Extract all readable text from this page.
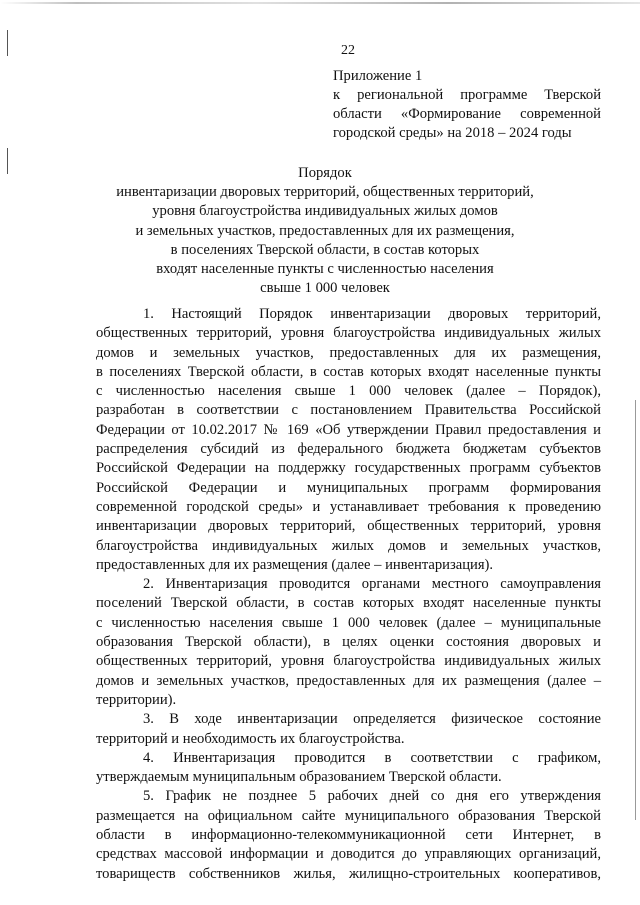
22
Приложение 1
к региональной программе Тверской
области «Формирование современной
городской среды» на 2018 – 2024 годы
Порядок
инвентаризации дворовых территорий, общественных территорий,
уровня благоустройства индивидуальных жилых домов
и земельных участков, предоставленных для их размещения,
в поселениях Тверской области, в состав которых
входят населенные пункты с численностью населения
свыше 1 000 человек
1. Настоящий Порядок инвентаризации дворовых территорий,
общественных территорий, уровня благоустройства индивидуальных жилых
домов и земельных участков, предоставленных для их размещения,
в поселениях Тверской области, в состав которых входят населенные пункты
с численностью населения свыше 1 000 человек (далее – Порядок),
разработан в соответствии с постановлением Правительства Российской
Федерации от 10.02.2017 № 169 «Об утверждении Правил предоставления и
распределения субсидий из федерального бюджета бюджетам субъектов
Российской Федерации на поддержку государственных программ субъектов
Российской Федерации и муниципальных программ формирования
современной городской среды» и устанавливает требования к проведению
инвентаризации дворовых территорий, общественных территорий, уровня
благоустройства индивидуальных жилых домов и земельных участков,
предоставленных для их размещения (далее – инвентаризация).
2. Инвентаризация проводится органами местного самоуправления
поселений Тверской области, в состав которых входят населенные пункты
с численностью населения свыше 1 000 человек (далее – муниципальные
образования Тверской области), в целях оценки состояния дворовых и
общественных территорий, уровня благоустройства индивидуальных жилых
домов и земельных участков, предоставленных для их размещения (далее –
территории).
3. В ходе инвентаризации определяется физическое состояние
территорий и необходимость их благоустройства.
4. Инвентаризация проводится в соответствии с графиком,
утверждаемым муниципальным образованием Тверской области.
5. График не позднее 5 рабочих дней со дня его утверждения
размещается на официальном сайте муниципального образования Тверской
области в информационно-телекоммуникационной сети Интернет, в
средствах массовой информации и доводится до управляющих организаций,
товариществ собственников жилья, жилищно-строительных кооперативов,
